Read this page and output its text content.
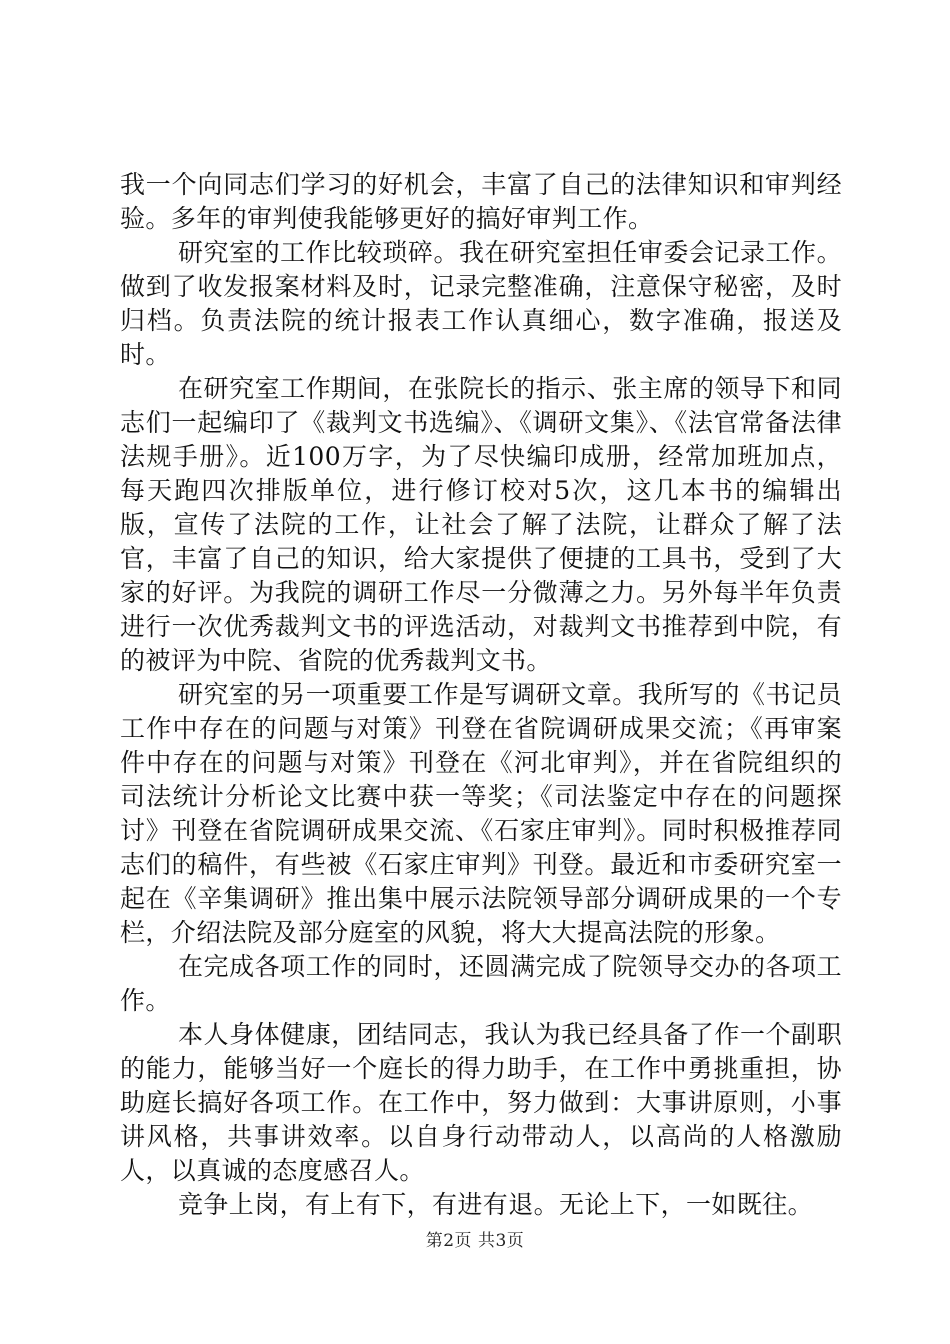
我一个向同志们学习的好机会，丰富了自己的法律知识和审判经验。多年的审判使我能够更好的搞好审判工作。

研究室的工作比较琐碎。我在研究室担任审委会记录工作。做到了收发报案材料及时，记录完整准确，注意保守秘密，及时归档。负责法院的统计报表工作认真细心，数字准确，报送及时。

在研究室工作期间，在张院长的指示、张主席的领导下和同志们一起编印了《裁判文书选编》、《调研文集》、《法官常备法律法规手册》。近100万字，为了尽快编印成册，经常加班加点，每天跑四次排版单位，进行修订校对5次，这几本书的编辑出版，宣传了法院的工作，让社会了解了法院，让群众了解了法官，丰富了自己的知识，给大家提供了便捷的工具书，受到了大家的好评。为我院的调研工作尽一分微薄之力。另外每半年负责进行一次优秀裁判文书的评选活动，对裁判文书推荐到中院，有的被评为中院、省院的优秀裁判文书。

研究室的另一项重要工作是写调研文章。我所写的《书记员工作中存在的问题与对策》刊登在省院调研成果交流；《再审案件中存在的问题与对策》刊登在《河北审判》，并在省院组织的司法统计分析论文比赛中获一等奖；《司法鉴定中存在的问题探讨》刊登在省院调研成果交流、《石家庄审判》。同时积极推荐同志们的稿件，有些被《石家庄审判》刊登。最近和市委研究室一起在《辛集调研》推出集中展示法院领导部分调研成果的一个专栏，介绍法院及部分庭室的风貌，将大大提高法院的形象。

在完成各项工作的同时，还圆满完成了院领导交办的各项工作。

本人身体健康，团结同志，我认为我已经具备了作一个副职的能力，能够当好一个庭长的得力助手，在工作中勇挑重担，协助庭长搞好各项工作。在工作中，努力做到：大事讲原则，小事讲风格，共事讲效率。以自身行动带动人，以高尚的人格激励人，以真诚的态度感召人。

竞争上岗，有上有下，有进有退。无论上下，一如既往。

第2页 共3页
